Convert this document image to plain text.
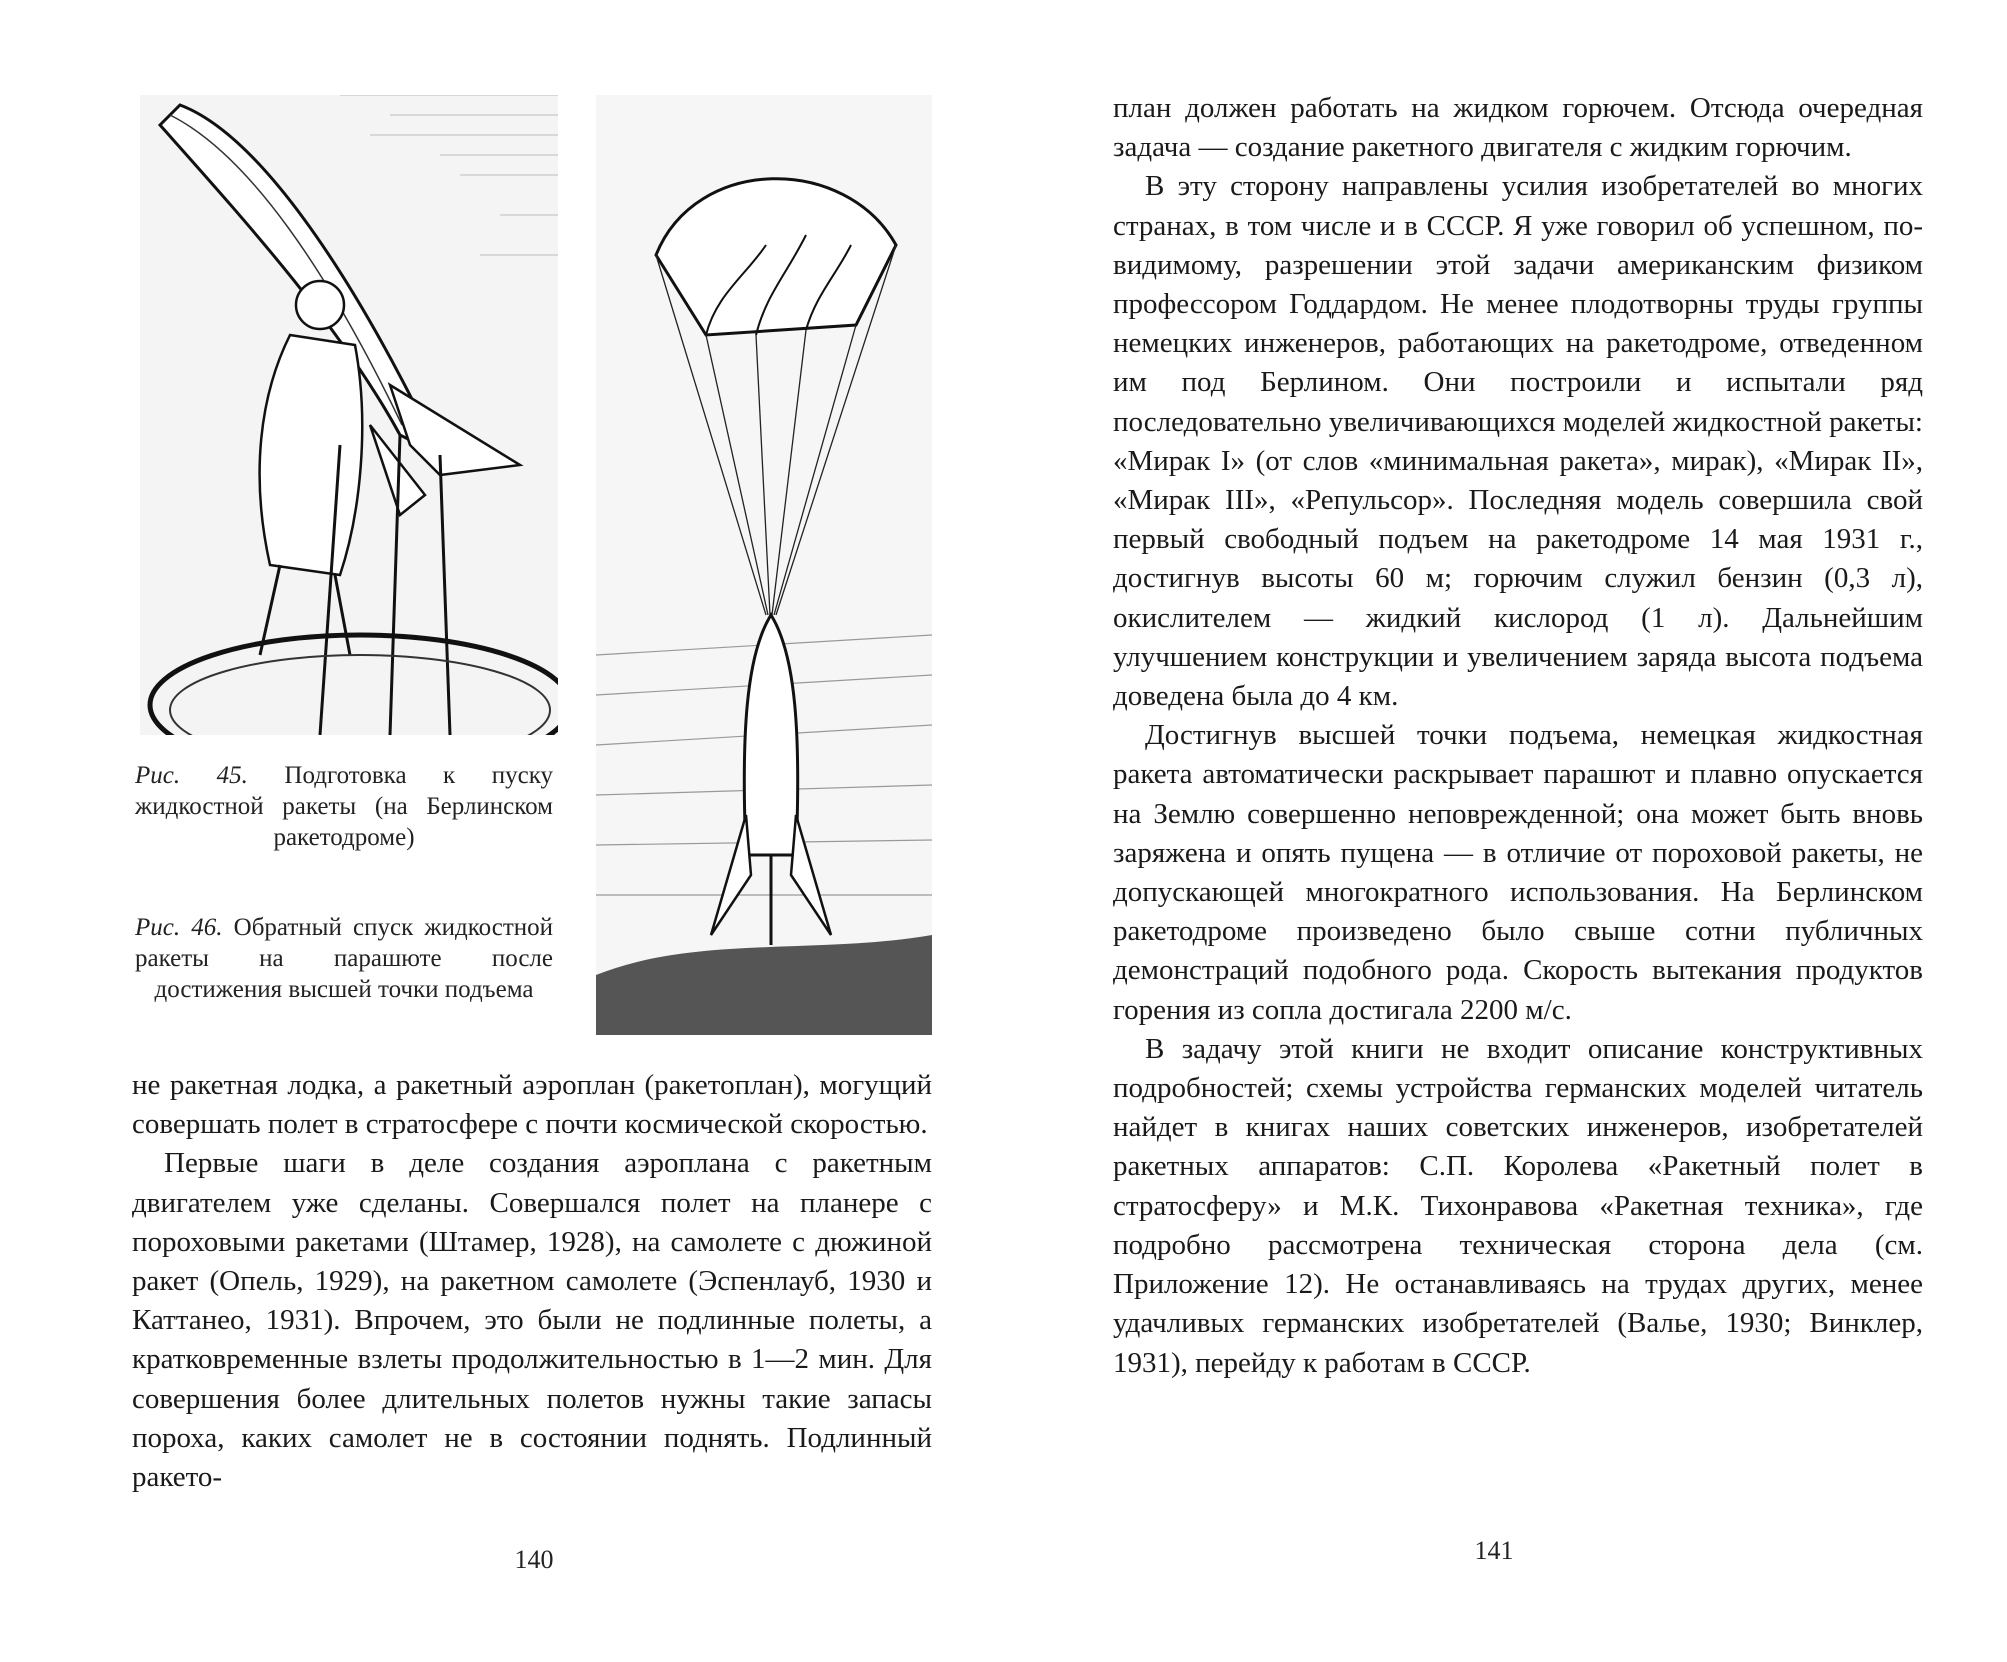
Рис. 45. Подготовка к пуску жидкостной ракеты (на Берлинском ракетодроме)
Рис. 46. Обратный спуск жидкостной ракеты на парашюте после достижения высшей точки подъема

не ракетная лодка, а ракетный аэроплан (ракетоплан), могущий совершать полет в стратосфере с почти космической скоростью.

Первые шаги в деле создания аэроплана с ракетным двигателем уже сделаны. Совершался полет на планере с пороховыми ракетами (Штамер, 1928), на самолете с дюжиной ракет (Опель, 1929), на ракетном самолете (Эспенлауб, 1930 и Каттанео, 1931). Впрочем, это были не подлинные полеты, а кратковременные взлеты продолжительностью в 1—2 мин. Для совершения более длительных полетов нужны такие запасы пороха, каких самолет не в состоянии поднять. Подлинный ракето-

140

план должен работать на жидком горючем. Отсюда очередная задача — создание ракетного двигателя с жидким горючим.

В эту сторону направлены усилия изобретателей во многих странах, в том числе и в СССР. Я уже говорил об успешном, по-видимому, разрешении этой задачи американским физиком профессором Годдардом. Не менее плодотворны труды группы немецких инженеров, работающих на ракетодроме, отведенном им под Берлином. Они построили и испытали ряд последовательно увеличивающихся моделей жидкостной ракеты: «Мирак I» (от слов «минимальная ракета», мирак), «Мирак II», «Мирак III», «Репульсор». Последняя модель совершила свой первый свободный подъем на ракетодроме 14 мая 1931 г., достигнув высоты 60 м; горючим служил бензин (0,3 л), окислителем — жидкий кислород (1 л). Дальнейшим улучшением конструкции и увеличением заряда высота подъема доведена была до 4 км.

Достигнув высшей точки подъема, немецкая жидкостная ракета автоматически раскрывает парашют и плавно опускается на Землю совершенно неповрежденной; она может быть вновь заряжена и опять пущена — в отличие от пороховой ракеты, не допускающей многократного использования. На Берлинском ракетодроме произведено было свыше сотни публичных демонстраций подобного рода. Скорость вытекания продуктов горения из сопла достигала 2200 м/с.

В задачу этой книги не входит описание конструктивных подробностей; схемы устройства германских моделей читатель найдет в книгах наших советских инженеров, изобретателей ракетных аппаратов: С.П. Королева «Ракетный полет в стратосферу» и М.К. Тихонравова «Ракетная техника», где подробно рассмотрена техническая сторона дела (см. Приложение 12). Не останавливаясь на трудах других, менее удачливых германских изобретателей (Валье, 1930; Винклер, 1931), перейду к работам в СССР.

141
